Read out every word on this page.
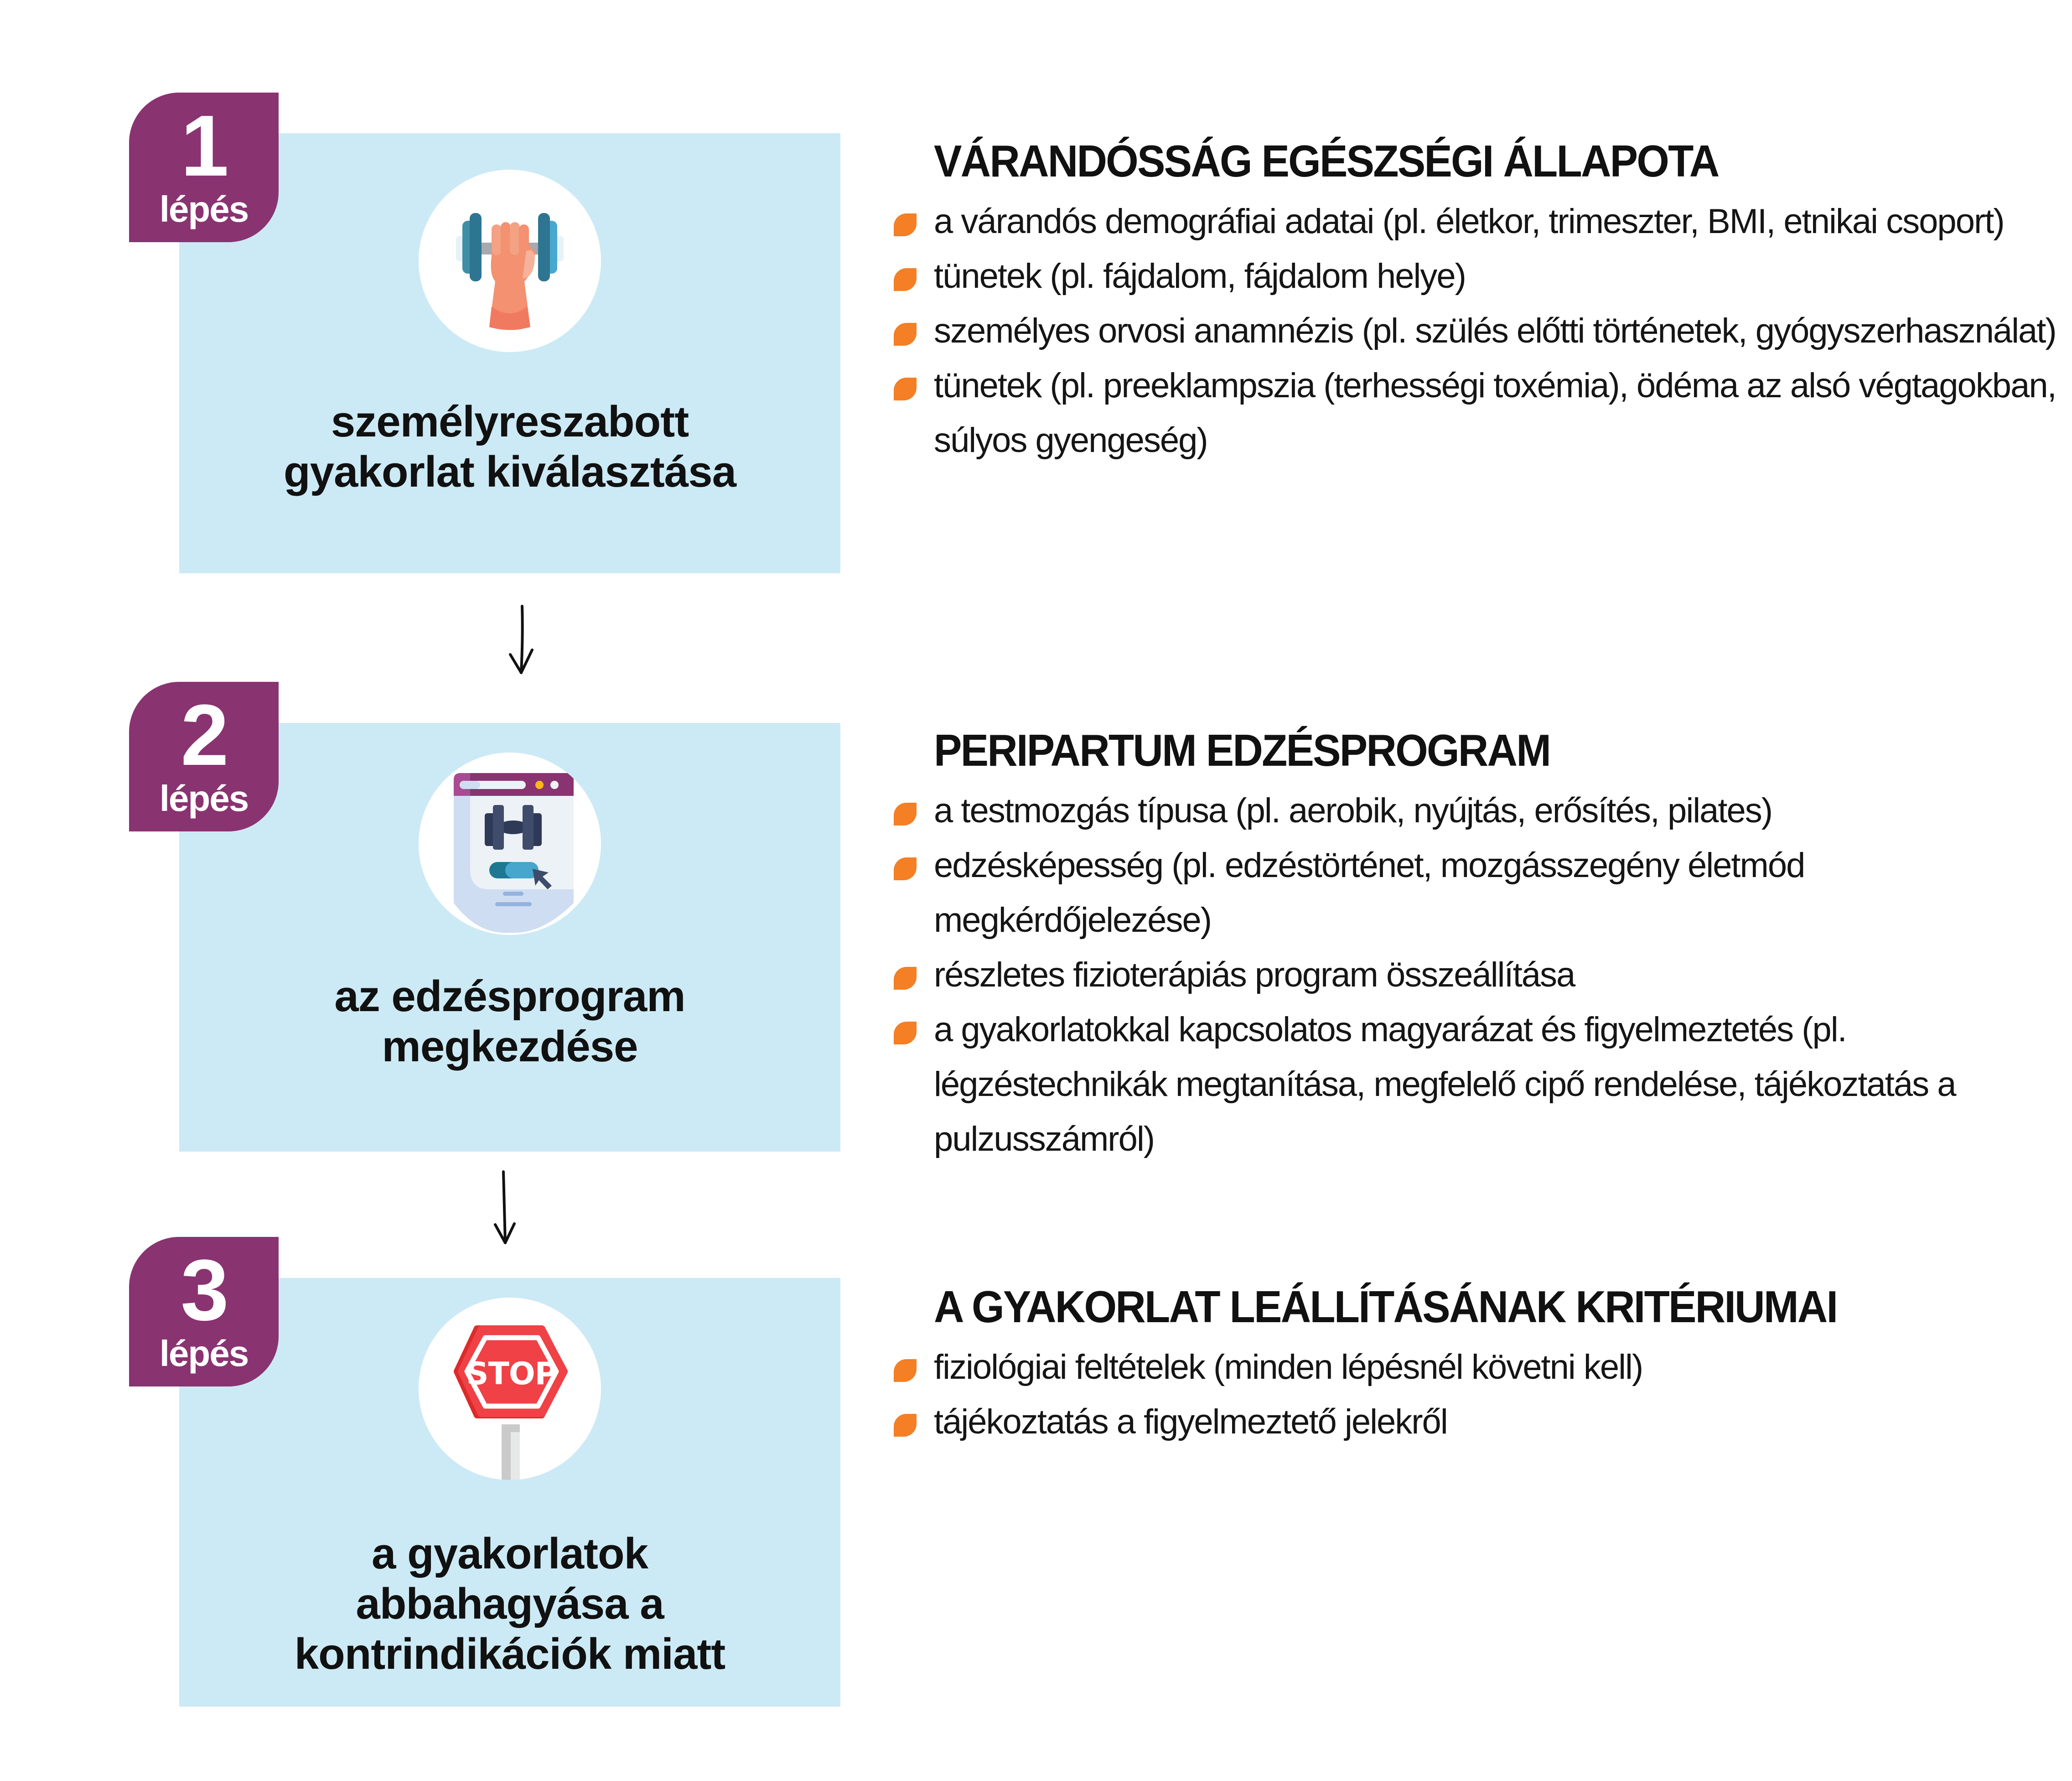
személyreszabott
gyakorlat kiválasztása
1
lépés
az edzésprogram
megkezdése
2
lépés
STOP
a gyakorlatok
abbahagyása a
kontrindikációk miatt
3
lépés
VÁRANDÓSSÁG EGÉSZSÉGI ÁLLAPOTA
a várandós demográfiai adatai (pl. életkor, trimeszter, BMI, etnikai csoport)
tünetek (pl. fájdalom, fájdalom helye)
személyes orvosi anamnézis (pl. szülés előtti történetek, gyógyszerhasználat)
tünetek (pl. preeklampszia (terhességi toxémia), ödéma az alsó végtagokban, súlyos gyengeség)
PERIPARTUM EDZÉSPROGRAM
a testmozgás típusa (pl. aerobik, nyújtás, erősítés, pilates)
edzésképesség (pl. edzéstörténet, mozgásszegény életmód megkérdőjelezése)
részletes fizioterápiás program összeállítása
a gyakorlatokkal kapcsolatos magyarázat és figyelmeztetés (pl. légzéstechnikák megtanítása, megfelelő cipő rendelése, tájékoztatás a pulzusszámról)
A GYAKORLAT LEÁLLÍTÁSÁNAK KRITÉRIUMAI
fiziológiai feltételek (minden lépésnél követni kell)
tájékoztatás a figyelmeztető jelekről
